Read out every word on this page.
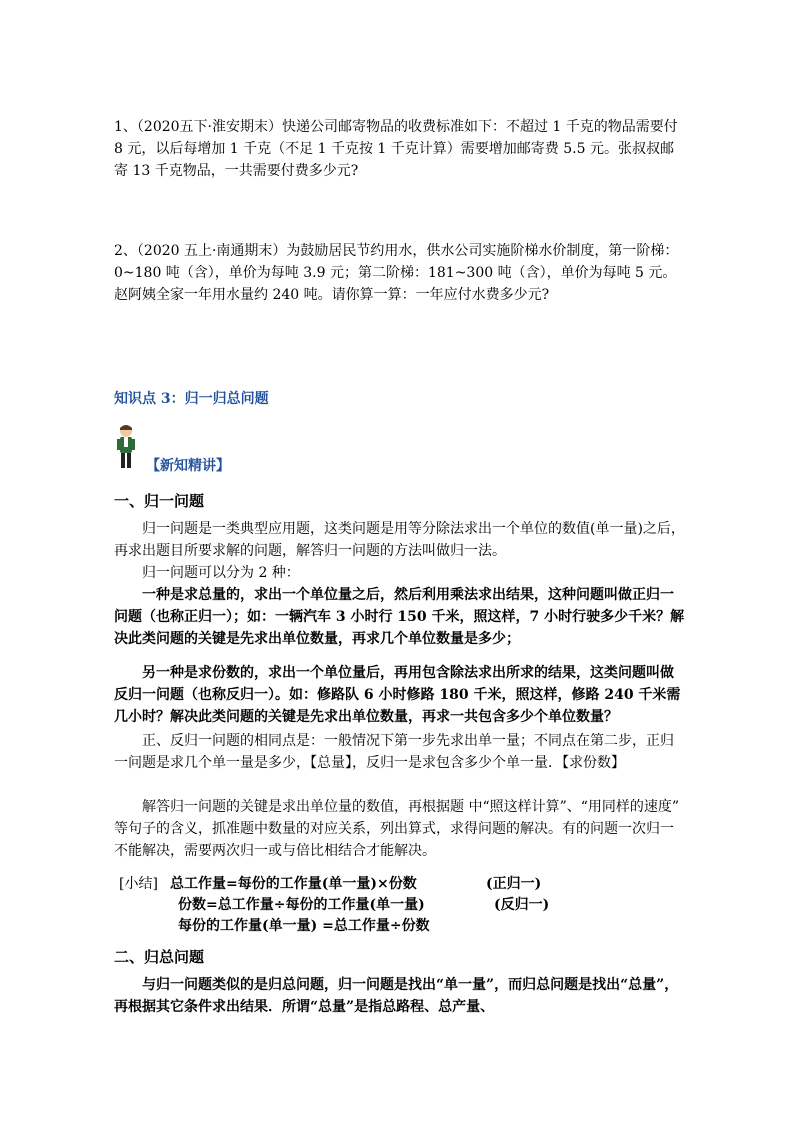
1、（2020五下·淮安期末）快递公司邮寄物品的收费标准如下：不超过 1 千克的物品需要付 8 元，以后每增加 1 千克（不足 1 千克按 1 千克计算）需要增加邮寄费 5.5 元。张叔叔邮寄 13 千克物品，一共需要付费多少元?

2、（2020 五上·南通期末）为鼓励居民节约用水，供水公司实施阶梯水价制度，第一阶梯：0~180 吨（含），单价为每吨 3.9 元；第二阶梯：181~300 吨（含），单价为每吨 5 元。赵阿姨全家一年用水量约 240 吨。请你算一算：一年应付水费多少元?

知识点 3：归一归总问题

【新知精讲】

一、归一问题

归一问题是一类典型应用题，这类问题是用等分除法求出一个单位的数值(单一量)之后，再求出题目所要求解的问题，解答归一问题的方法叫做归一法。

归一问题可以分为 2 种：

一种是求总量的，求出一个单位量之后，然后利用乘法求出结果，这种问题叫做正归一问题（也称正归一）；如：一辆汽车 3 小时行 150 千米，照这样，7 小时行驶多少千米？解决此类问题的关键是先求出单位数量，再求几个单位数量是多少；

另一种是求份数的，求出一个单位量后，再用包含除法求出所求的结果，这类问题叫做反归一问题（也称反归一）。如：修路队 6 小时修路 180 千米，照这样，修路 240 千米需几小时？解决此类问题的关键是先求出单位数量，再求一共包含多少个单位数量？

正、反归一问题的相同点是：一般情况下第一步先求出单一量；不同点在第二步，正归一问题是求几个单一量是多少，【总量】，反归一是求包含多少个单一量．【求份数】

解答归一问题的关键是求出单位量的数值，再根据题 中“照这样计算”、“用同样的速度” 等句子的含义，抓准题中数量的对应关系，列出算式，求得问题的解决。有的问题一次归一不能解决，需要两次归一或与倍比相结合才能解决。

[小结] 总工作量=每份的工作量(单一量)×份数	(正归一)
份数=总工作量÷每份的工作量(单一量)	(反归一)
每份的工作量(单一量) =总工作量÷份数

二、归总问题

与归一问题类似的是归总问题，归一问题是找出“单一量”，而归总问题是找出“总量”，再根据其它条件求出结果．所谓“总量”是指总路程、总产量、
